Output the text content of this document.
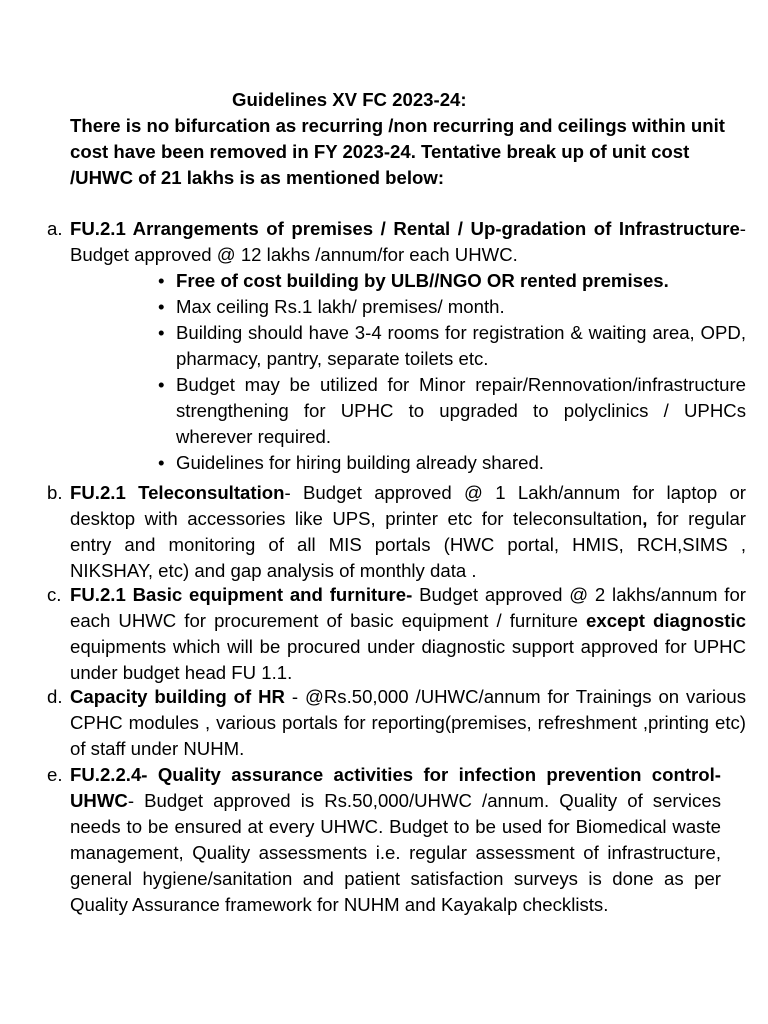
Guidelines XV FC 2023-24:

There is no bifurcation as recurring /non recurring and ceilings within unit cost have been removed in FY 2023-24. Tentative break up of unit cost /UHWC of 21 lakhs is as mentioned below:

a. FU.2.1 Arrangements of premises / Rental / Up-gradation of Infrastructure- Budget approved @ 12 lakhs /annum/for each UHWC.

• Free of cost building by ULB//NGO OR rented premises.
• Max ceiling Rs.1 lakh/ premises/ month.
• Building should have 3-4 rooms for registration & waiting area, OPD, pharmacy, pantry, separate toilets etc.
• Budget may be utilized for Minor repair/Rennovation/infrastructure strengthening for UPHC to upgraded to polyclinics / UPHCs wherever required.
• Guidelines for hiring building already shared.
b. FU.2.1 Teleconsultation- Budget approved @ 1 Lakh/annum for laptop or desktop with accessories like UPS, printer etc for teleconsultation, for regular entry and monitoring of all MIS portals (HWC portal, HMIS, RCH,SIMS , NIKSHAY, etc) and gap analysis of monthly data .

c. FU.2.1 Basic equipment and furniture- Budget approved @ 2 lakhs/annum for each UHWC for procurement of basic equipment / furniture except diagnostic equipments which will be procured under diagnostic support approved for UPHC under budget head FU 1.1.

d. Capacity building of HR - @Rs.50,000 /UHWC/annum for Trainings on various CPHC modules , various portals for reporting(premises, refreshment ,printing etc) of staff under NUHM.

e. FU.2.2.4- Quality assurance activities for infection prevention control- UHWC- Budget approved is Rs.50,000/UHWC /annum. Quality of services needs to be ensured at every UHWC. Budget to be used for Biomedical waste management, Quality assessments i.e. regular assessment of infrastructure, general hygiene/sanitation and patient satisfaction surveys is done as per Quality Assurance framework for NUHM and Kayakalp checklists.
